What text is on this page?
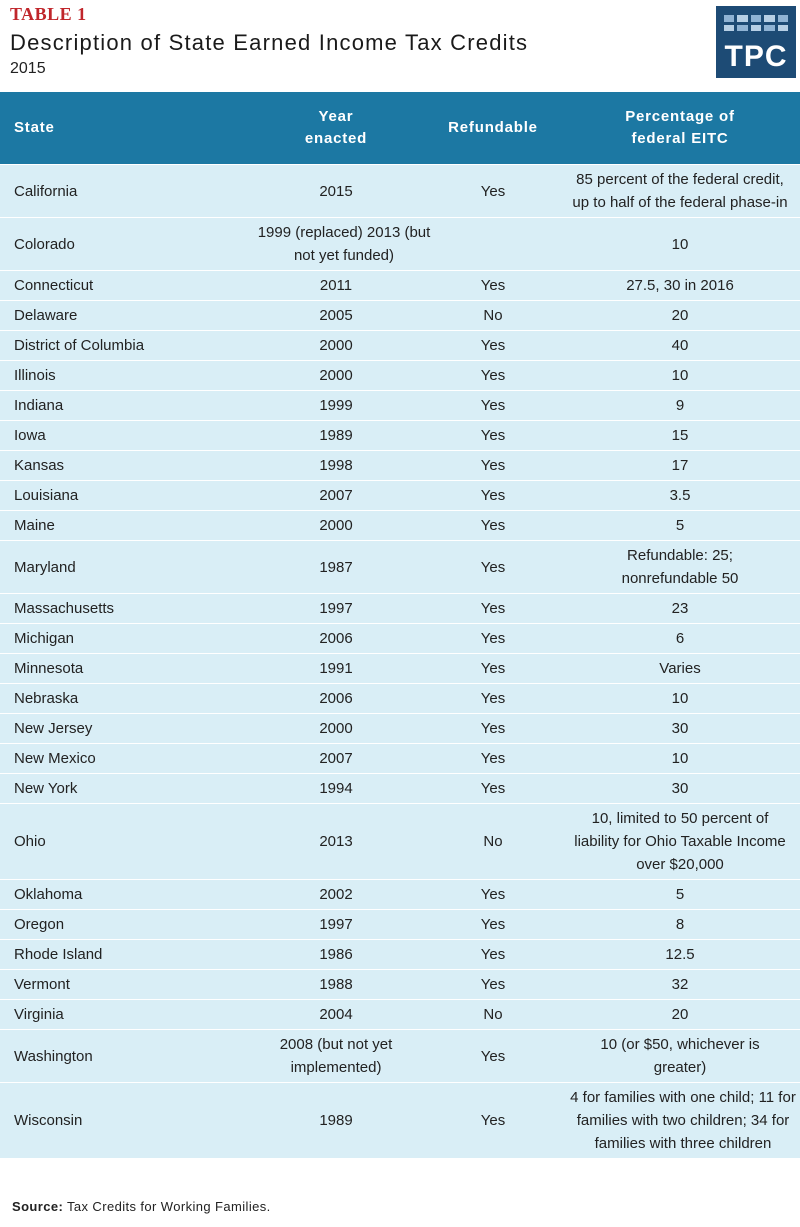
TABLE 1
Description of State Earned Income Tax Credits
2015	TPC
State	Year enacted	Refundable	Percentage of federal EITC

California	2015	Yes	85 percent of the federal credit, up to half of the federal phase-in

Colorado	1999 (replaced) 2013 (but not yet funded)		10
Connecticut	2011	Yes	27.5, 30 in 2016
Delaware	2005	No	20
District of Columbia	2000	Yes	40
Illinois	2000	Yes	10
Indiana	1999	Yes	9
Iowa	1989	Yes	15
Kansas	1998	Yes	17
Louisiana	2007	Yes	3.5
Maine	2000	Yes	5
Maryland	1987	Yes	Refundable: 25; nonrefundable 50

Massachusetts	1997	Yes	23
Michigan	2006	Yes	6
Minnesota	1991	Yes	Varies
Nebraska	2006	Yes	10
New Jersey	2000	Yes	30
New Mexico	2007	Yes	10
New York	1994	Yes	30
Ohio	2013	No	10, limited to 50 percent of liability for Ohio Taxable Income over $20,000

Oklahoma	2002	Yes	5
Oregon	1997	Yes	8
Rhode Island	1986	Yes	12.5
Vermont	1988	Yes	32
Virginia	2004	No	20
Washington	2008 (but not yet implemented)	Yes	10 (or $50, whichever is greater)

Wisconsin	1989	Yes	4 for families with one child; 11 for families with two children; 34 for families with three children
Source: Tax Credits for Working Families.
